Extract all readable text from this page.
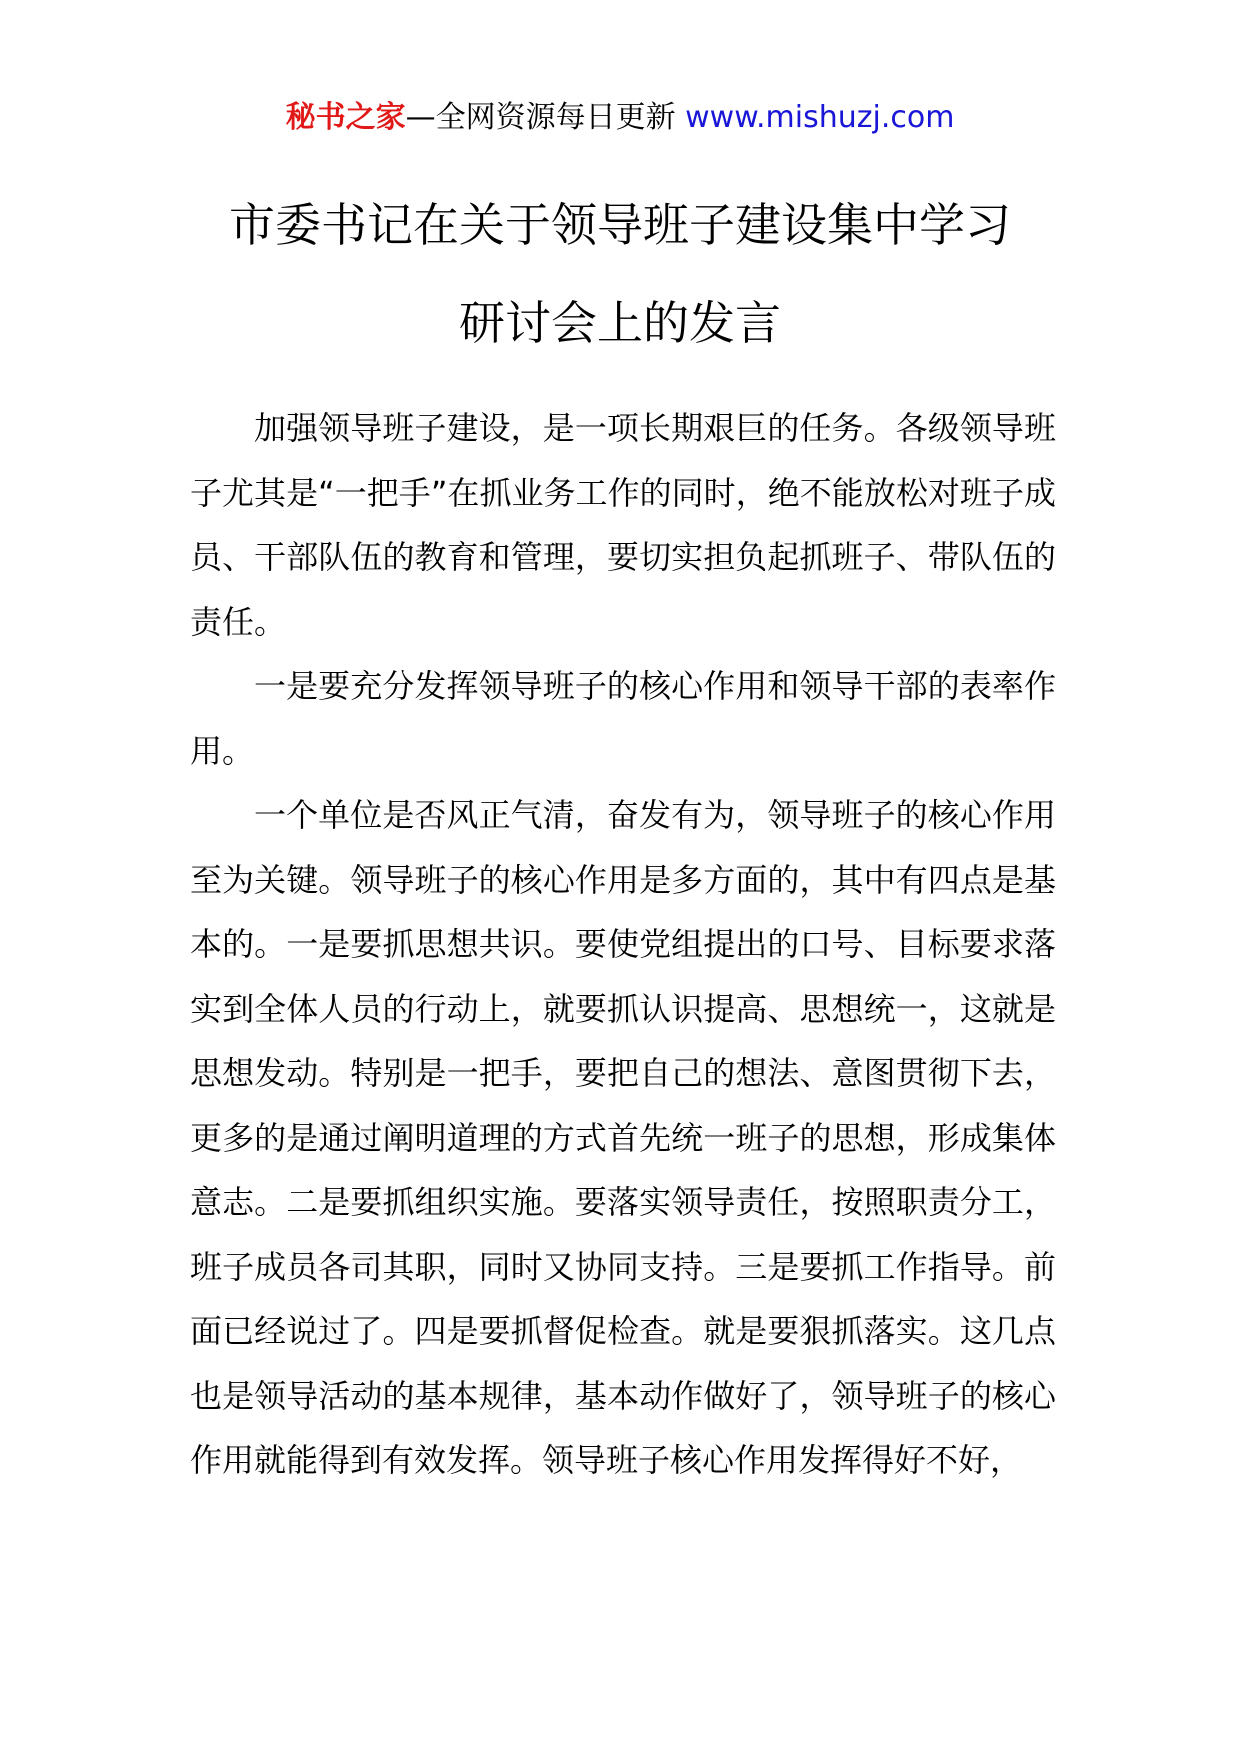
秘书之家—全网资源每日更新 www.mishuzj.com
市委书记在关于领导班子建设集中学习
研讨会上的发言

加强领导班子建设，是一项长期艰巨的任务。各级领导班子尤其是“一把手”在抓业务工作的同时，绝不能放松对班子成员、干部队伍的教育和管理，要切实担负起抓班子、带队伍的责任。

一是要充分发挥领导班子的核心作用和领导干部的表率作用。

一个单位是否风正气清，奋发有为，领导班子的核心作用至为关键。领导班子的核心作用是多方面的，其中有四点是基本的。一是要抓思想共识。要使党组提出的口号、目标要求落实到全体人员的行动上，就要抓认识提高、思想统一，这就是思想发动。特别是一把手，要把自己的想法、意图贯彻下去，更多的是通过阐明道理的方式首先统一班子的思想，形成集体意志。二是要抓组织实施。要落实领导责任，按照职责分工，班子成员各司其职，同时又协同支持。三是要抓工作指导。前面已经说过了。四是要抓督促检查。就是要狠抓落实。这几点也是领导活动的基本规律，基本动作做好了，领导班子的核心作用就能得到有效发挥。领导班子核心作用发挥得好不好，
